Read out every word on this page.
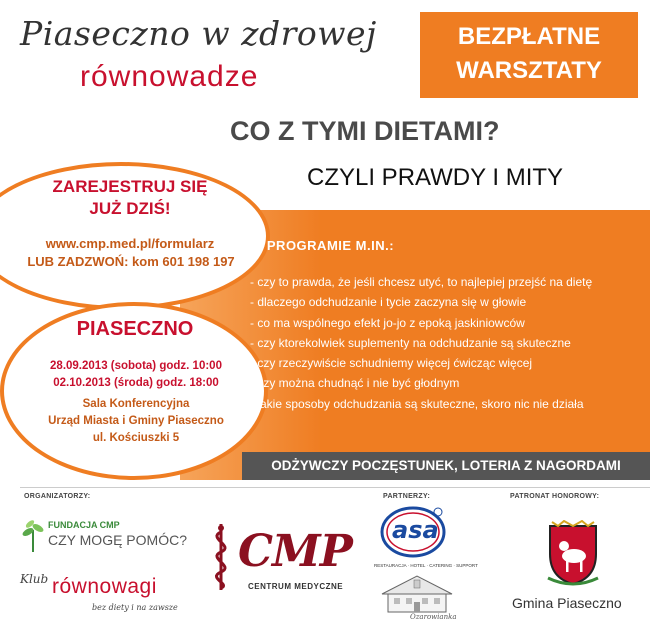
Piaseczno w zdrowej
równowadze
BEZPŁATNE
WARSZTATY
CO Z TYMI DIETAMI?
CZYLI PRAWDY I MITY
ZAREJESTRUJ SIĘ
JUŻ DZIŚ!
www.cmp.med.pl/formularz
LUB ZADZWOŃ: kom 601 198 197
PIASECZNO
28.09.2013 (sobota) godz. 10:00
02.10.2013 (środa) godz. 18:00
Sala Konferencyjna
Urząd Miasta i Gminy Piaseczno
ul. Kościuszki 5
W PROGRAMIE M.IN.:
- czy to prawda, że jeśli chcesz utyć, to najlepiej przejść na dietę
- dlaczego odchudzanie i tycie zaczyna się w głowie
- co ma wspólnego efekt jo-jo z epoką jaskiniowców
- czy ktorekolwiek suplementy na odchudzanie są skuteczne
- czy rzeczywiście schudniemy więcej ćwicząc więcej
- czy można chudnąć i nie być głodnym
- jakie sposoby odchudzania są skuteczne, skoro nic nie działa
ODŻYWCZY POCZĘSTUNEK, LOTERIA Z NAGORDAMI
ORGANIZATORZY:	PARTNERZY:	PATRONAT HONOROWY:
FUNDACJA CMP
CZY MOGĘ POMÓC?
Klub równowagi
bez diety i na zawsze
CMP
CENTRUM MEDYCZNE
asa
RESTAURACJA · HOTEL · CATERING · SUPPORT
Ozarowianka
Gmina Piaseczno
